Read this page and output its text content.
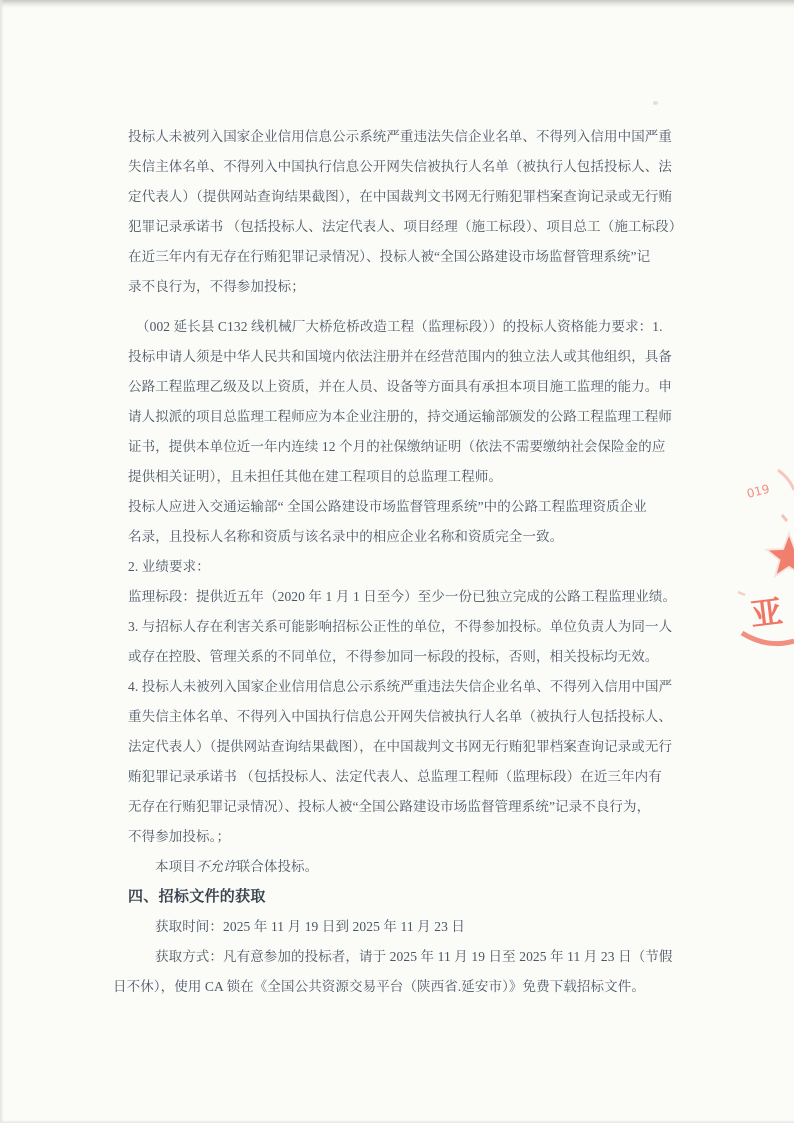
投标人未被列入国家企业信用信息公示系统严重违法失信企业名单、不得列入信用中国严重
失信主体名单、不得列入中国执行信息公开网失信被执行人名单（被执行人包括投标人、法
定代表人）（提供网站查询结果截图），在中国裁判文书网无行贿犯罪档案查询记录或无行贿
犯罪记录承诺书 （包括投标人、法定代表人、项目经理（施工标段）、项目总工（施工标段）
在近三年内有无存在行贿犯罪记录情况）、投标人被“全国公路建设市场监督管理系统”记
录不良行为，不得参加投标；
（002 延长县 C132 线机械厂大桥危桥改造工程（监理标段））的投标人资格能力要求：1.
投标申请人须是中华人民共和国境内依法注册并在经营范围内的独立法人或其他组织，具备
公路工程监理乙级及以上资质，并在人员、设备等方面具有承担本项目施工监理的能力。申
请人拟派的项目总监理工程师应为本企业注册的，持交通运输部颁发的公路工程监理工程师
证书，提供本单位近一年内连续 12 个月的社保缴纳证明（依法不需要缴纳社会保险金的应
提供相关证明），且未担任其他在建工程项目的总监理工程师。
投标人应进入交通运输部“ 全国公路建设市场监督管理系统”中的公路工程监理资质企业
名录，且投标人名称和资质与该名录中的相应企业名称和资质完全一致。
2. 业绩要求：
监理标段：提供近五年（2020 年 1 月 1 日至今）至少一份已独立完成的公路工程监理业绩。
3. 与招标人存在利害关系可能影响招标公正性的单位，不得参加投标。单位负责人为同一人
或存在控股、管理关系的不同单位，不得参加同一标段的投标，否则，相关投标均无效。
4. 投标人未被列入国家企业信用信息公示系统严重违法失信企业名单、不得列入信用中国严
重失信主体名单、不得列入中国执行信息公开网失信被执行人名单（被执行人包括投标人、
法定代表人）（提供网站查询结果截图），在中国裁判文书网无行贿犯罪档案查询记录或无行
贿犯罪记录承诺书 （包括投标人、法定代表人、总监理工程师（监理标段）在近三年内有
无存在行贿犯罪记录情况）、投标人被“全国公路建设市场监督管理系统”记录不良行为，
不得参加投标。；
本项目不允许联合体投标。
四、招标文件的获取
获取时间：2025 年 11 月 19 日到 2025 年 11 月 23 日
获取方式：凡有意参加的投标者，请于 2025 年 11 月 19 日至 2025 年 11 月 23 日（节假
日不休），使用 CA 锁在《全国公共资源交易平台（陕西省.延安市）》免费下载招标文件。
019
亚
